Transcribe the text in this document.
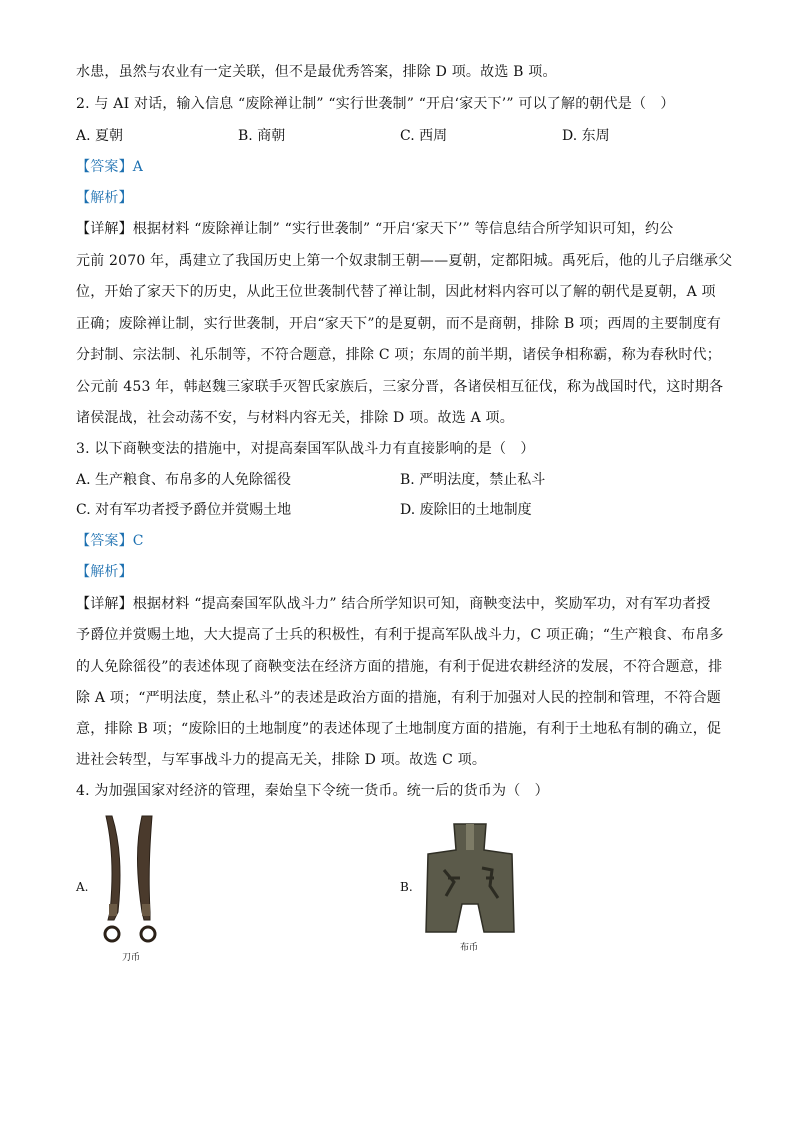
水患，虽然与农业有一定关联，但不是最优秀答案，排除 D 项。故选 B 项。
2. 与 AI 对话，输入信息 “废除禅让制” “实行世袭制” “开启‘家天下’” 可以了解的朝代是（　）
A. 夏朝	B. 商朝	C. 西周	D. 东周
【答案】A
【解析】
【详解】根据材料 “废除禅让制” “实行世袭制” “开启‘家天下’” 等信息结合所学知识可知，约公
元前 2070 年，禹建立了我国历史上第一个奴隶制王朝——夏朝，定都阳城。禹死后，他的儿子启继承父
位，开始了家天下的历史，从此王位世袭制代替了禅让制，因此材料内容可以了解的朝代是夏朝，A 项
正确；废除禅让制，实行世袭制，开启“家天下”的是夏朝，而不是商朝，排除 B 项；西周的主要制度有
分封制、宗法制、礼乐制等，不符合题意，排除 C 项；东周的前半期，诸侯争相称霸，称为春秋时代；
公元前 453 年，韩赵魏三家联手灭智氏家族后，三家分晋，各诸侯相互征伐，称为战国时代，这时期各
诸侯混战，社会动荡不安，与材料内容无关，排除 D 项。故选 A 项。
3. 以下商鞅变法的措施中，对提高秦国军队战斗力有直接影响的是（　）
A. 生产粮食、布帛多的人免除徭役	B. 严明法度，禁止私斗
C. 对有军功者授予爵位并赏赐土地	D. 废除旧的土地制度
【答案】C
【解析】
【详解】根据材料 “提高秦国军队战斗力” 结合所学知识可知，商鞅变法中，奖励军功，对有军功者授
予爵位并赏赐土地，大大提高了士兵的积极性，有利于提高军队战斗力，C 项正确；“生产粮食、布帛多
的人免除徭役”的表述体现了商鞅变法在经济方面的措施，有利于促进农耕经济的发展，不符合题意，排
除 A 项；“严明法度，禁止私斗”的表述是政治方面的措施，有利于加强对人民的控制和管理，不符合题
意，排除 B 项；“废除旧的土地制度”的表述体现了土地制度方面的措施，有利于土地私有制的确立，促
进社会转型，与军事战斗力的提高无关，排除 D 项。故选 C 项。
4. 为加强国家对经济的管理，秦始皇下令统一货币。统一后的货币为（　）
A.
刀币
B.
布币
